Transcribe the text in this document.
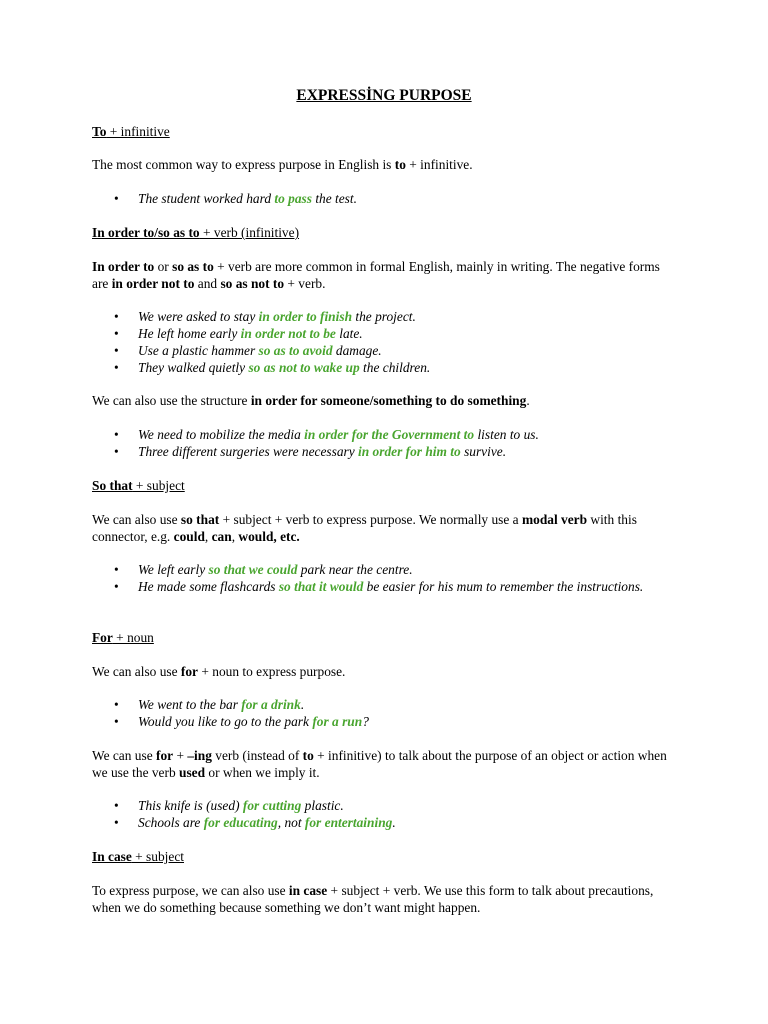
EXPRESSİNG PURPOSE
To + infinitive
The most common way to express purpose in English is to + infinitive.
• The student worked hard to pass the test.
In order to/so as to + verb (infinitive)
In order to or so as to + verb are more common in formal English, mainly in writing. The negative forms are in order not to and so as not to + verb.
• We were asked to stay in order to finish the project.
• He left home early in order not to be late.
• Use a plastic hammer so as to avoid damage.
• They walked quietly so as not to wake up the children.
We can also use the structure in order for someone/something to do something.
• We need to mobilize the media in order for the Government to listen to us.
• Three different surgeries were necessary in order for him to survive.
So that + subject
We can also use so that + subject + verb to express purpose. We normally use a modal verb with this connector, e.g. could, can, would, etc.
• We left early so that we could park near the centre.
• He made some flashcards so that it would be easier for his mum to remember the instructions.
For + noun
We can also use for + noun to express purpose.
• We went to the bar for a drink.
• Would you like to go to the park for a run?
We can use for + –ing verb (instead of to + infinitive) to talk about the purpose of an object or action when we use the verb used or when we imply it.
• This knife is (used) for cutting plastic.
• Schools are for educating, not for entertaining.
In case + subject
To express purpose, we can also use in case + subject + verb. We use this form to talk about precautions, when we do something because something we don’t want might happen.
